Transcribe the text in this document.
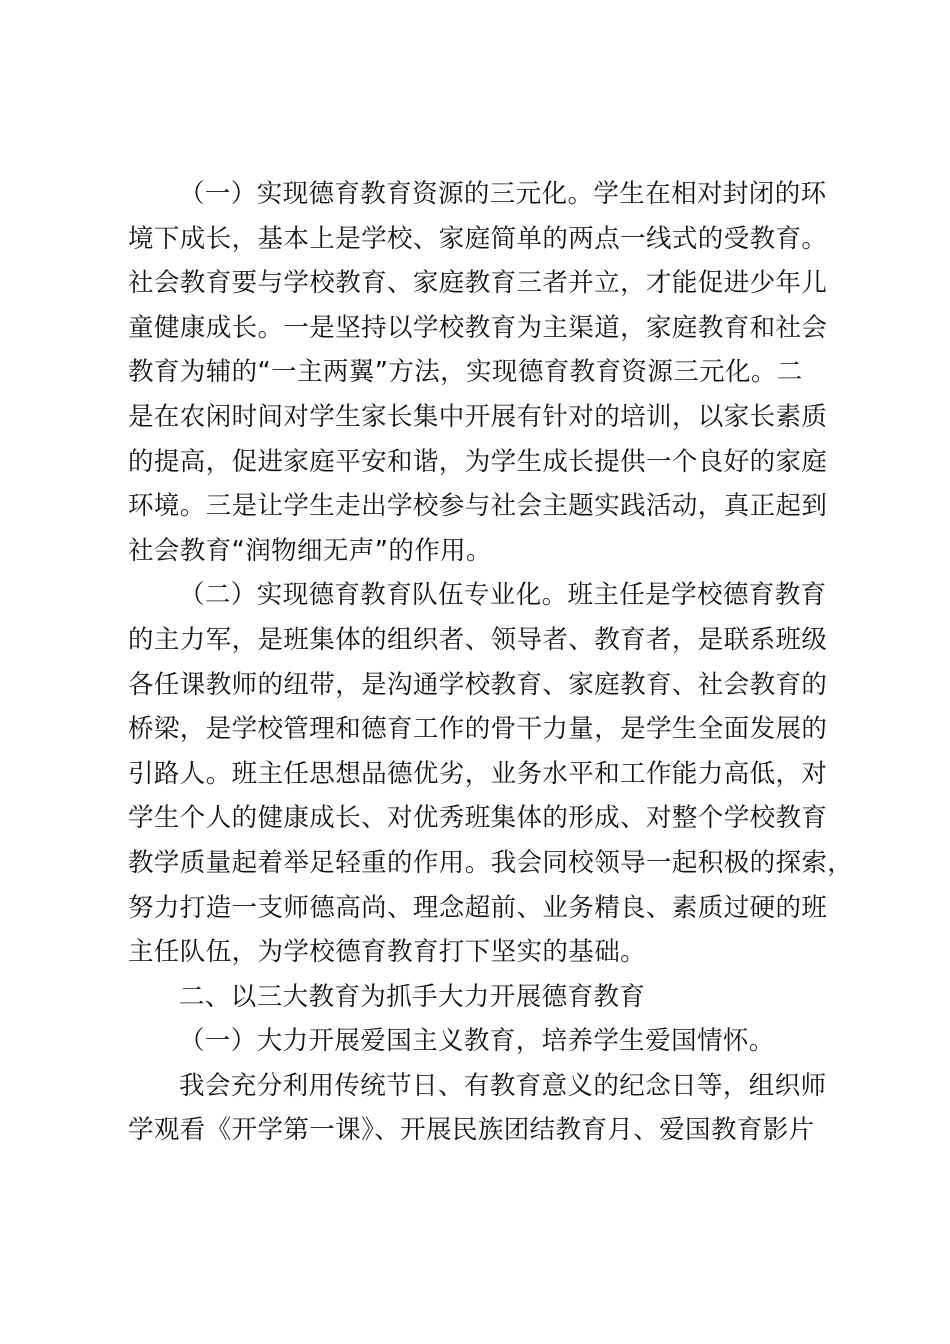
（一）实现德育教育资源的三元化。学生在相对封闭的环
境下成长，基本上是学校、家庭简单的两点一线式的受教育。
社会教育要与学校教育、家庭教育三者并立，才能促进少年儿
童健康成长。一是坚持以学校教育为主渠道，家庭教育和社会
教育为辅的“一主两翼”方法，实现德育教育资源三元化。二
是在农闲时间对学生家长集中开展有针对的培训，以家长素质
的提高，促进家庭平安和谐，为学生成长提供一个良好的家庭
环境。三是让学生走出学校参与社会主题实践活动，真正起到
社会教育“润物细无声”的作用。
（二）实现德育教育队伍专业化。班主任是学校德育教育
的主力军，是班集体的组织者、领导者、教育者，是联系班级
各任课教师的纽带，是沟通学校教育、家庭教育、社会教育的
桥梁，是学校管理和德育工作的骨干力量，是学生全面发展的
引路人。班主任思想品德优劣，业务水平和工作能力高低，对
学生个人的健康成长、对优秀班集体的形成、对整个学校教育
教学质量起着举足轻重的作用。我会同校领导一起积极的探索，
努力打造一支师德高尚、理念超前、业务精良、素质过硬的班
主任队伍，为学校德育教育打下坚实的基础。
二、以三大教育为抓手大力开展德育教育
（一）大力开展爱国主义教育，培养学生爱国情怀。
我会充分利用传统节日、有教育意义的纪念日等，组织师
学观看《开学第一课》、开展民族团结教育月、爱国教育影片
